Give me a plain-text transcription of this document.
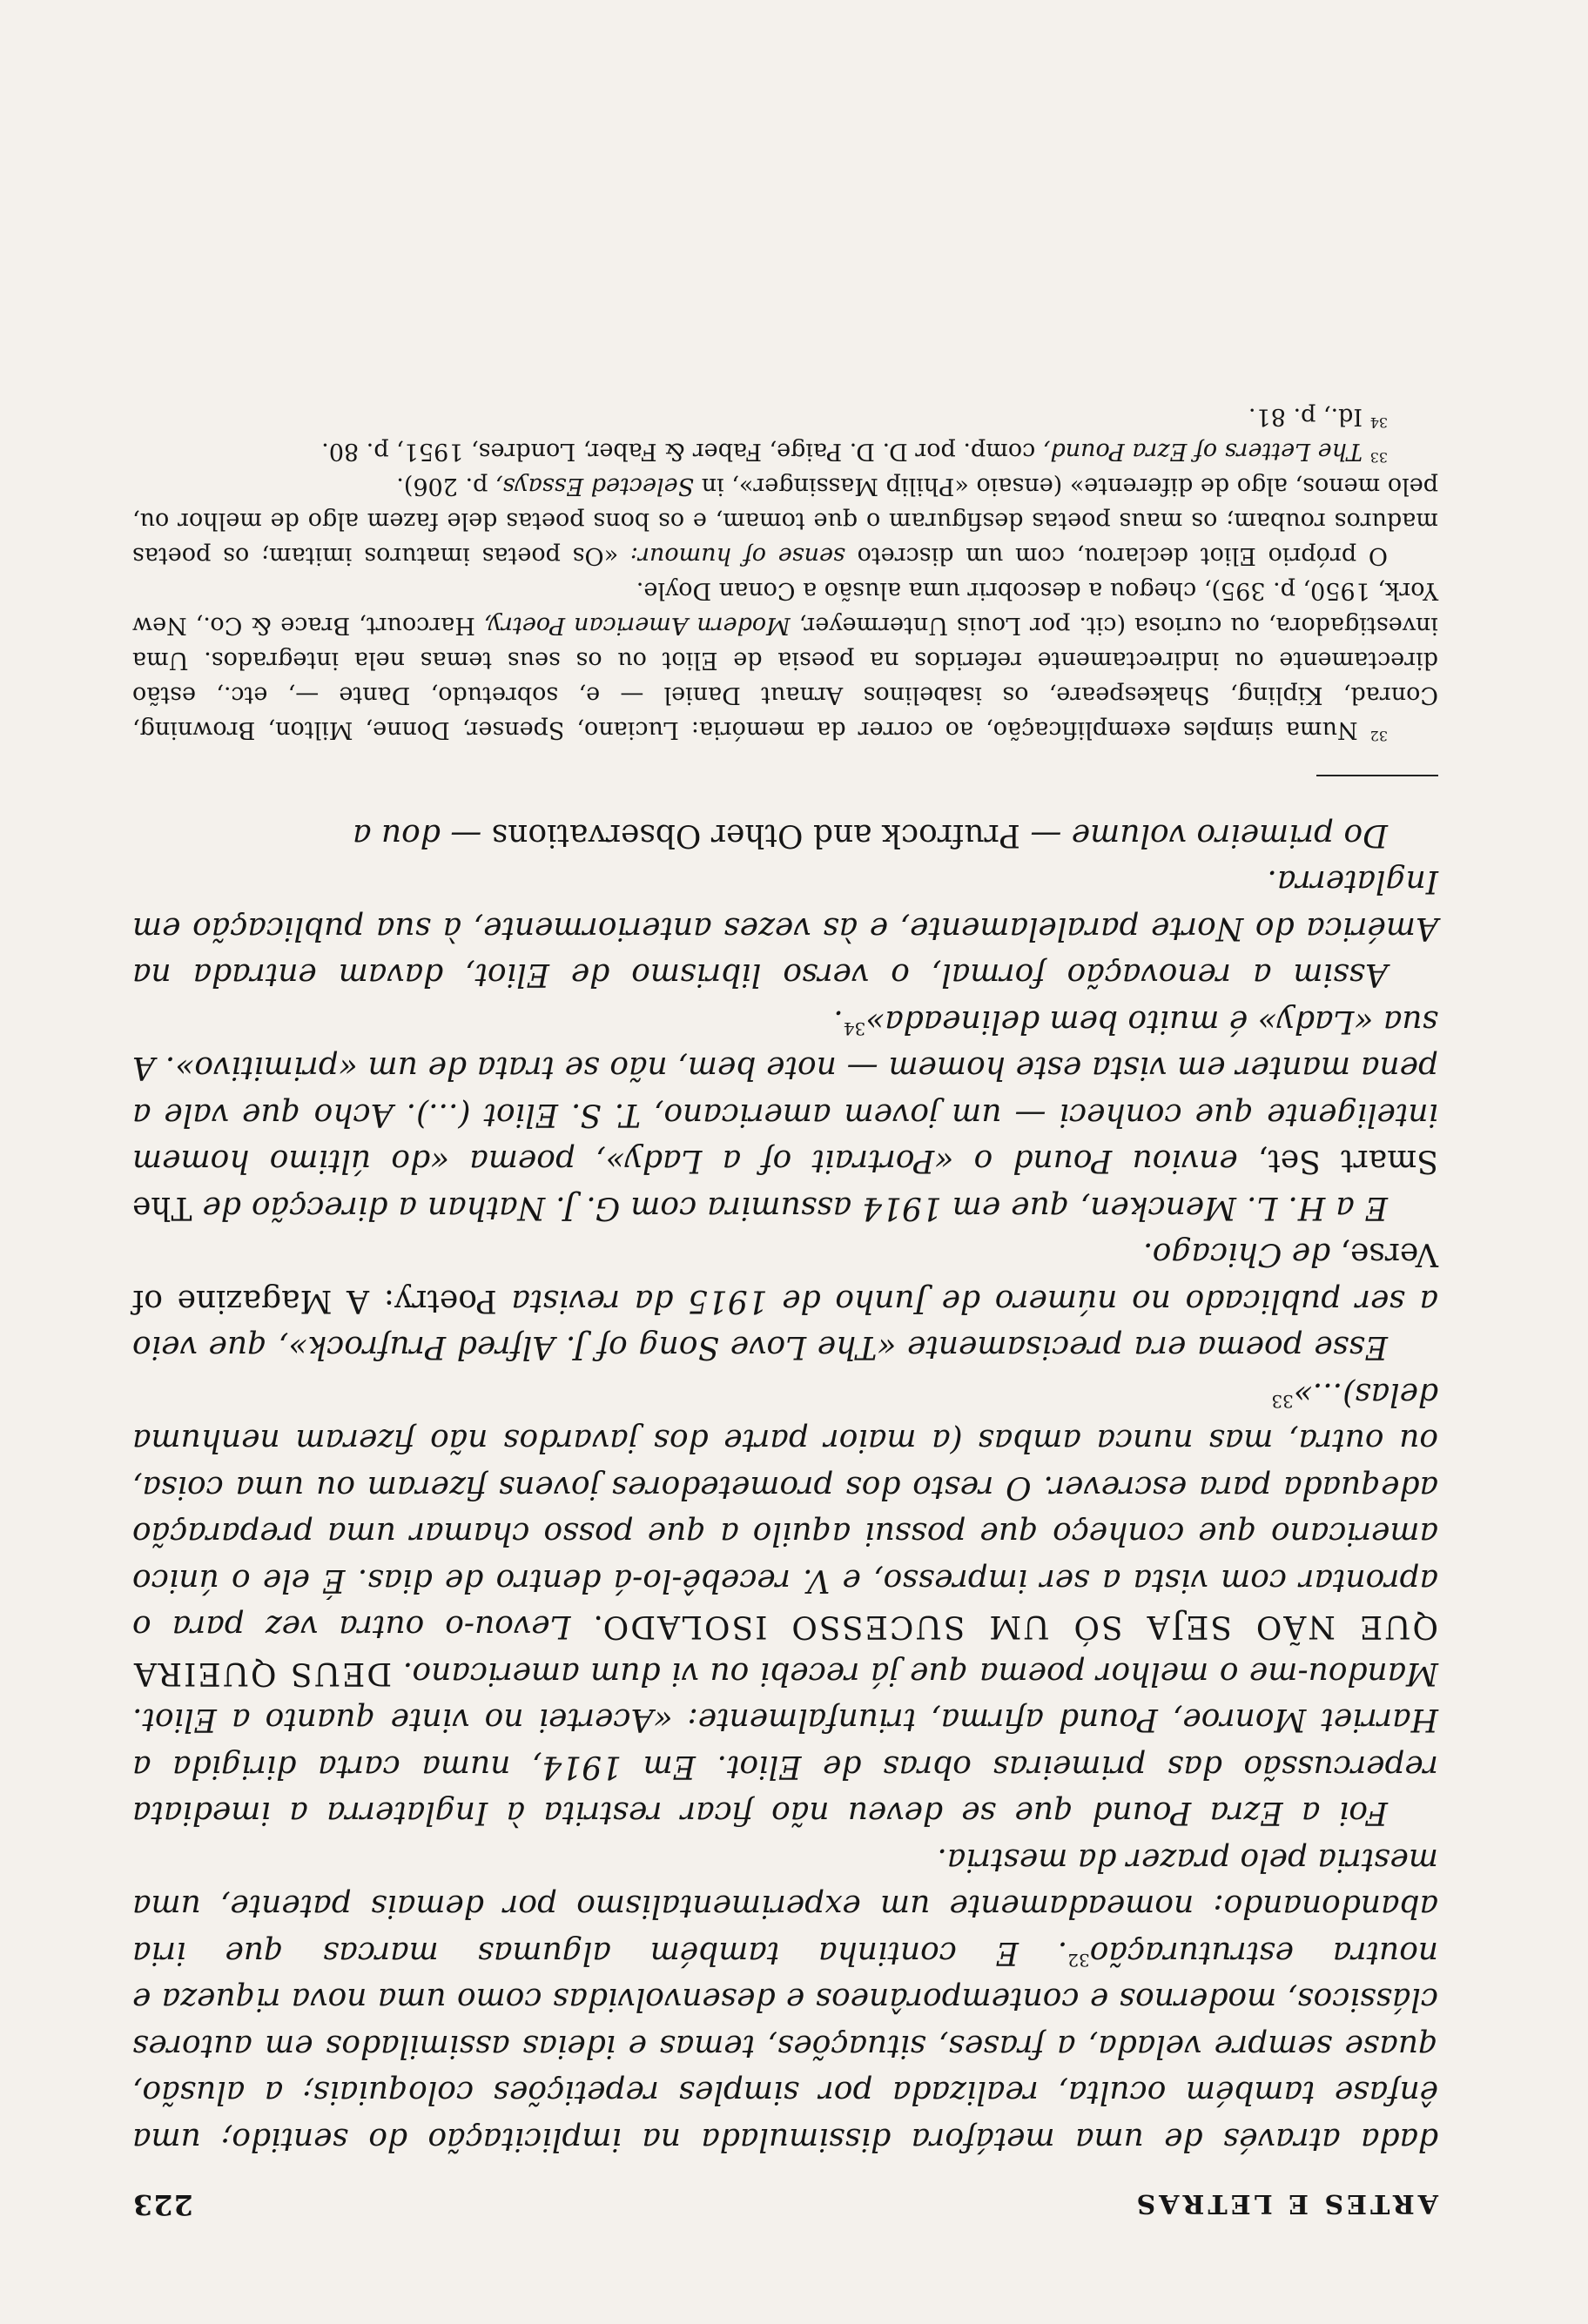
ARTES E LETRAS
223

dada através de uma metáfora dissimulada na implicitação do sentido; uma ênfase também oculta, realizada por simples repetições coloquiais; a alusão, quase sempre velada, a frases, situações, temas e ideias assimilados em autores clássicos, modernos e contemporâneos e desenvolvidas como uma nova riqueza e noutra estruturação$^{32}$. E continha também algumas marcas que iria abandonando: nomeadamente um experimentalismo por demais patente, uma mestria pelo prazer da mestria.

Foi a Ezra Pound que se deveu não ficar restrita à Inglaterra a imediata repercussão das primeiras obras de Eliot. Em 1914, numa carta dirigida a Harriet Monroe, Pound afirma, triunfalmente: «Acertei no vinte quanto a Eliot. Mandou-me o melhor poema que já recebi ou vi dum americano. DEUS QUEIRA QUE NÃO SEJA SÓ UM SUCESSO ISOLADO. Levou-o outra vez para o aprontar com vista a ser impresso, e V. recebê-lo-á dentro de dias. É ele o único americano que conheço que possui aquilo a que posso chamar uma preparação adequada para escrever. O resto dos prometedores jovens fizeram ou uma coisa, ou outra, mas nunca ambas (a maior parte dos javardos não fizeram nenhuma delas)...»$^{33}$

Esse poema era precisamente «The Love Song of J. Alfred Prufrock», que veio a ser publicado no número de Junho de 1915 da revista Poetry: A Magazine of Verse, de Chicago.

E a H. L. Mencken, que em 1914 assumira com G. J. Nathan a direcção de The Smart Set, enviou Pound o «Portrait of a Lady», poema «do último homem inteligente que conheci — um jovem americano, T. S. Eliot (...). Acho que vale a pena manter em vista este homem — note bem, não se trata de um «primitivo». A sua «Lady» é muito bem delineada»$^{34}$.

Assim a renovação formal, o verso librismo de Eliot, davam entrada na América do Norte paralelamente, e às vezes anteriormente, à sua publicação em Inglaterra.

Do primeiro volume — Prufrock and Other Observations — dou a

$^{32}$ Numa simples exemplificação, ao correr da memória: Luciano, Spenser, Donne, Milton, Browning, Conrad, Kipling, Shakespeare, os isabelinos Arnaut Daniel — e, sobretudo, Dante —, etc., estão directamente ou indirectamente referidos na poesia de Eliot ou os seus temas nela integrados. Uma investigadora, ou curiosa (cit. por Louis Untermeyer, Modern American Poetry, Harcourt, Brace & Co., New York, 1950, p. 395), chegou a descobrir uma alusão a Conan Doyle.

O próprio Eliot declarou, com um discreto sense of humour: «Os poetas imaturos imitam; os poetas maduros roubam; os maus poetas desfiguram o que tomam, e os bons poetas dele fazem algo de melhor ou, pelo menos, algo de diferente» (ensaio «Philip Massinger», in Selected Essays, p. 206).

$^{33}$ The Letters of Ezra Pound, comp. por D. D. Paige, Faber & Faber, Londres, 1951, p. 80.

$^{34}$ Id., p. 81.
